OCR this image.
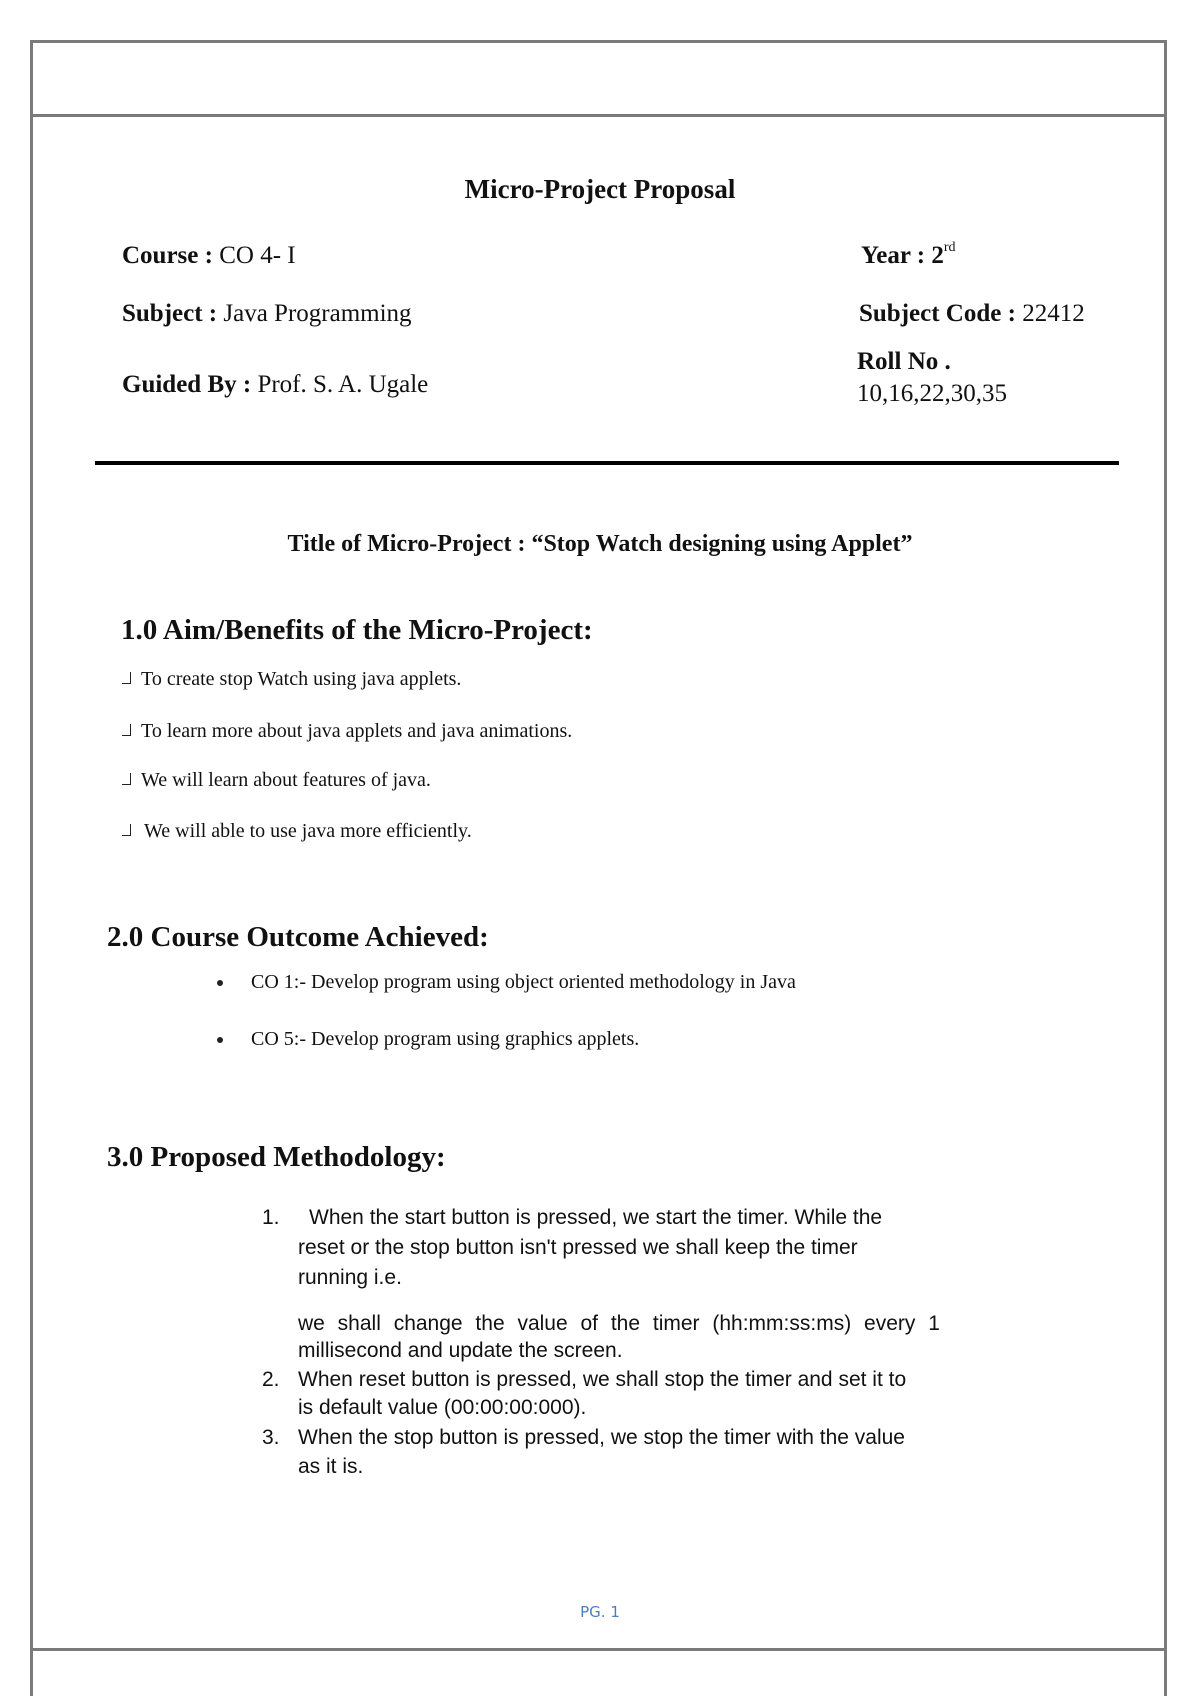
Micro-Project Proposal
Course : CO 4- I	Year : 2rd
Subject : Java Programming	Subject Code : 22412
Guided By : Prof. S. A. Ugale
Roll No .
10,16,22,30,35
Title of Micro-Project : “Stop Watch designing using Applet”
1.0 Aim/Benefits of the Micro-Project:
To create stop Watch using java applets.
To learn more about java applets and java animations.
We will learn about features of java.
We will able to use java more efficiently.
2.0 Course Outcome Achieved:
CO 1:- Develop program using object oriented methodology in Java
CO 5:- Develop program using graphics applets.
3.0 Proposed Methodology:
1. When the start button is pressed, we start the timer. While the
reset or the stop button isn't pressed we shall keep the timer
running i.e.
we shall change the value of the timer (hh:mm:ss:ms) every 1
millisecond and update the screen.
2. When reset button is pressed, we shall stop the timer and set it to
is default value (00:00:00:000).
3. When the stop button is pressed, we stop the timer with the value
as it is.
PG. 1
